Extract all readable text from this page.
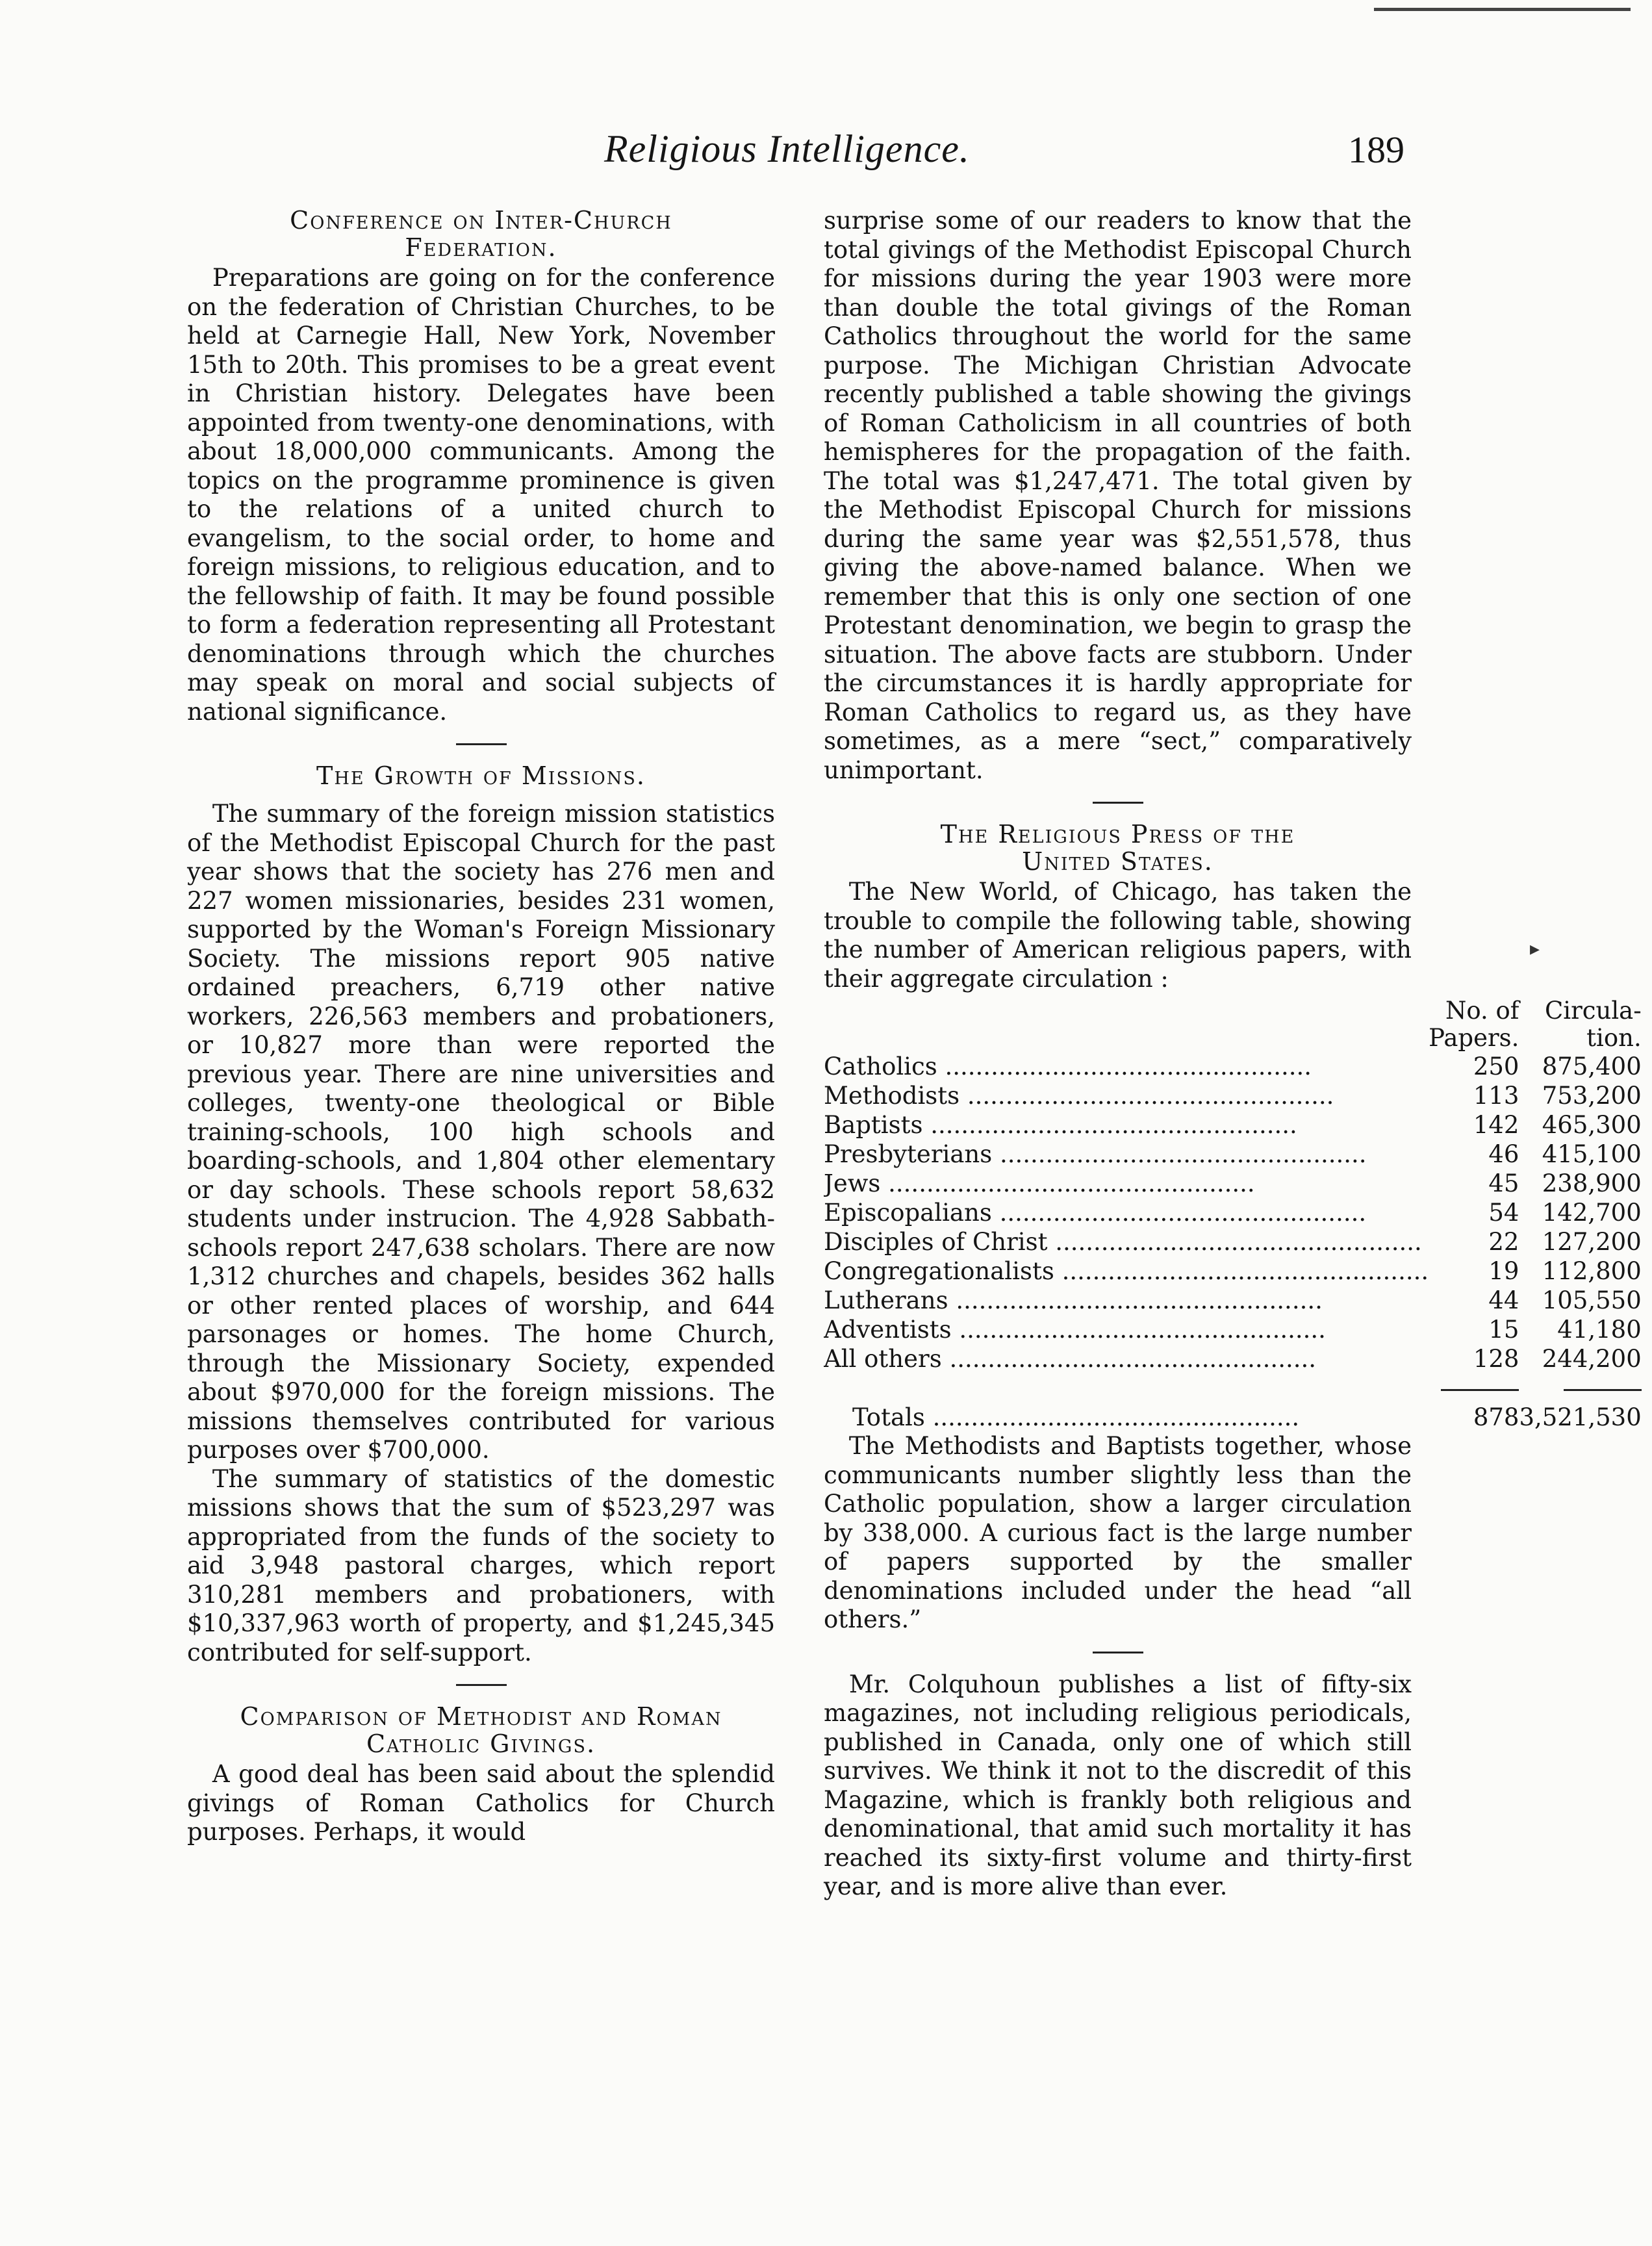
Religious Intelligence.	189
Conference on Inter-Church
Federation.

Preparations are going on for the conference on the federation of Christian Churches, to be held at Carnegie Hall, New York, November 15th to 20th. This promises to be a great event in Christian history. Delegates have been appointed from twenty-one denominations, with about 18,000,000 communicants. Among the topics on the programme prominence is given to the relations of a united church to evangelism, to the social order, to home and foreign missions, to religious education, and to the fellowship of faith. It may be found possible to form a federation representing all Protestant denominations through which the churches may speak on moral and social subjects of national significance.

The Growth of Missions.

The summary of the foreign mission statistics of the Methodist Episcopal Church for the past year shows that the society has 276 men and 227 women missionaries, besides 231 women, supported by the Woman's Foreign Missionary Society. The missions report 905 native ordained preachers, 6,719 other native workers, 226,563 members and probationers, or 10,827 more than were reported the previous year. There are nine universities and colleges, twenty-one theological or Bible training-schools, 100 high schools and boarding-schools, and 1,804 other elementary or day schools. These schools report 58,632 students under instrucion. The 4,928 Sabbath-schools report 247,638 scholars. There are now 1,312 churches and chapels, besides 362 halls or other rented places of worship, and 644 parsonages or homes. The home Church, through the Missionary Society, expended about $970,000 for the foreign missions. The missions themselves contributed for various purposes over $700,000.

The summary of statistics of the domestic missions shows that the sum of $523,297 was appropriated from the funds of the society to aid 3,948 pastoral charges, which report 310,281 members and probationers, with $10,337,963 worth of property, and $1,245,345 contributed for self-support.

Comparison of Methodist and Roman
Catholic Givings.

A good deal has been said about the splendid givings of Roman Catholics for Church purposes. Perhaps, it would

surprise some of our readers to know that the total givings of the Methodist Episcopal Church for missions during the year 1903 were more than double the total givings of the Roman Catholics throughout the world for the same purpose. The Michigan Christian Advocate recently published a table showing the givings of Roman Catholicism in all countries of both hemispheres for the propagation of the faith. The total was $1,247,471. The total given by the Methodist Episcopal Church for missions during the same year was $2,551,578, thus giving the above-named balance. When we remember that this is only one section of one Protestant denomination, we begin to grasp the situation. The above facts are stubborn. Under the circumstances it is hardly appropriate for Roman Catholics to regard us, as they have sometimes, as a mere “sect,” comparatively unimportant.

The Religious Press of the
United States.

The New World, of Chicago, has taken the trouble to compile the following table, showing the number of American religious papers, with their aggregate circulation :

	No. of Papers.	Circula- tion.
Catholics .....	250	875,400
Methodists .....	113	753,200
Baptists .....	142	465,300
Presbyterians .....	46	415,100
Jews .....	45	238,900
Episcopalians .....	54	142,700
Disciples of Christ .....	22	127,200
Congregationalists .....	19	112,800
Lutherans .....	44	105,550
Adventists .....	15	41,180
All others .....	128	244,200

Totals .....	878	3,521,530

The Methodists and Baptists together, whose communicants number slightly less than the Catholic population, show a larger circulation by 338,000. A curious fact is the large number of papers supported by the smaller denominations included under the head “all others.”

Mr. Colquhoun publishes a list of fifty-six magazines, not including religious periodicals, published in Canada, only one of which still survives. We think it not to the discredit of this Magazine, which is frankly both religious and denominational, that amid such mortality it has reached its sixty-first volume and thirty-first year, and is more alive than ever.

▸
